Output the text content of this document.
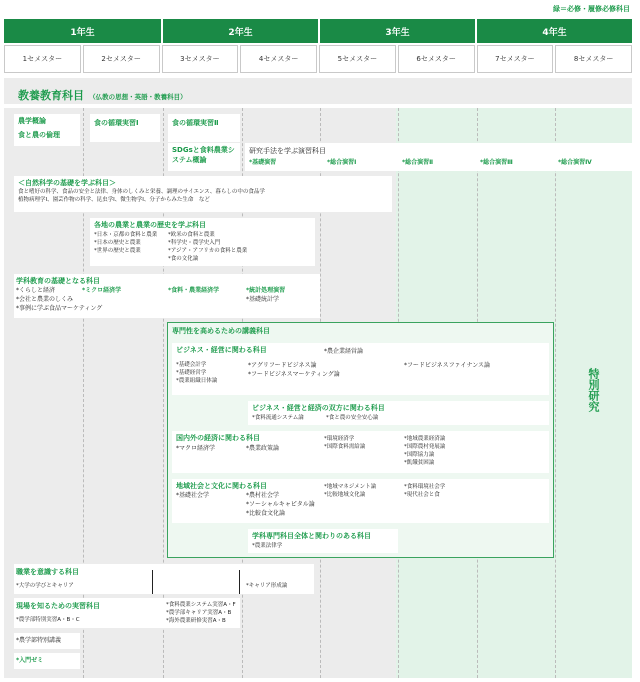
緑＝必修・履修必修科目
1年生	2年生	3年生	4年生
1セメスター	2セメスター	3セメスター	4セメスター	5セメスター	6セメスター	7セメスター	8セメスター
教養教育科目 （仏教の思想・英語・教養科目）
農学概論
食と農の倫理
食の循環実習Ⅰ	食の循環実習Ⅱ
SDGsと食料農業システム概論
研究手法を学ぶ演習科目
*基礎演習	*総合演習Ⅰ	*総合演習Ⅱ	*総合演習Ⅲ	*総合演習Ⅳ
＜自然科学の基礎を学ぶ科目＞
食と嗜好の科学、食品の安全と法律、身体のしくみと栄養、調理のサイエンス、暮らしの中の食品学
植物病理学Ⅰ、園芸作物の科学、昆虫学Ⅰ、微生物学Ⅰ、分子からみた生命　など
各地の農業と農業の歴史を学ぶ科目
*日本・京都の食料と農業
*日本の歴史と農業
*世界の歴史と農業
*欧米の食料と農業
*科学史・農学史入門
*アジア・アフリカの食料と農業
*食の文化論
学科教育の基礎となる科目
*くらしと経済
*会社と農業のしくみ
*事例に学ぶ食品マーケティング
*ミクロ経済学	*食料・農業経済学	*統計処理演習
*基礎統計学
専門性を高めるための講義科目
ビジネス・経営に関わる科目
*基礎会計学
*基礎経営学
*農業組織日体論
*アグリフードビジネス論
*フードビジネスマーケティング論
*農企業経営論
*フードビジネスファイナンス論
ビジネス・経営と経済の双方に関わる科目
*食料流通システム論	*食と農の安全安心論
国内外の経済に関わる科目
*マクロ経済学	*農業政策論
*環境経済学
*国際食料需給論
*地域農業経済論
*国際農村発展論
*国際協力論
*飢餓貧困論
地域社会と文化に関わる科目
*基礎社会学	*農村社会学
*ソーシャルキャピタル論
*比較食文化論
*地域マネジメント論
*比較地域文化論
*食料環境社会学
*現代社会と食
学科専門科目全体と関わりのある科目
*農業法律学
特別研究
職業を意識する科目
*大学の学びとキャリア	*キャリア形成論
現場を知るための実習科目
*農学部特別実習A・B・C
*食料農業システム実習A・F
*農学部キャリア実習A・B
*海外農業研修実習A・B
*農学部特別講義
*入門ゼミ
